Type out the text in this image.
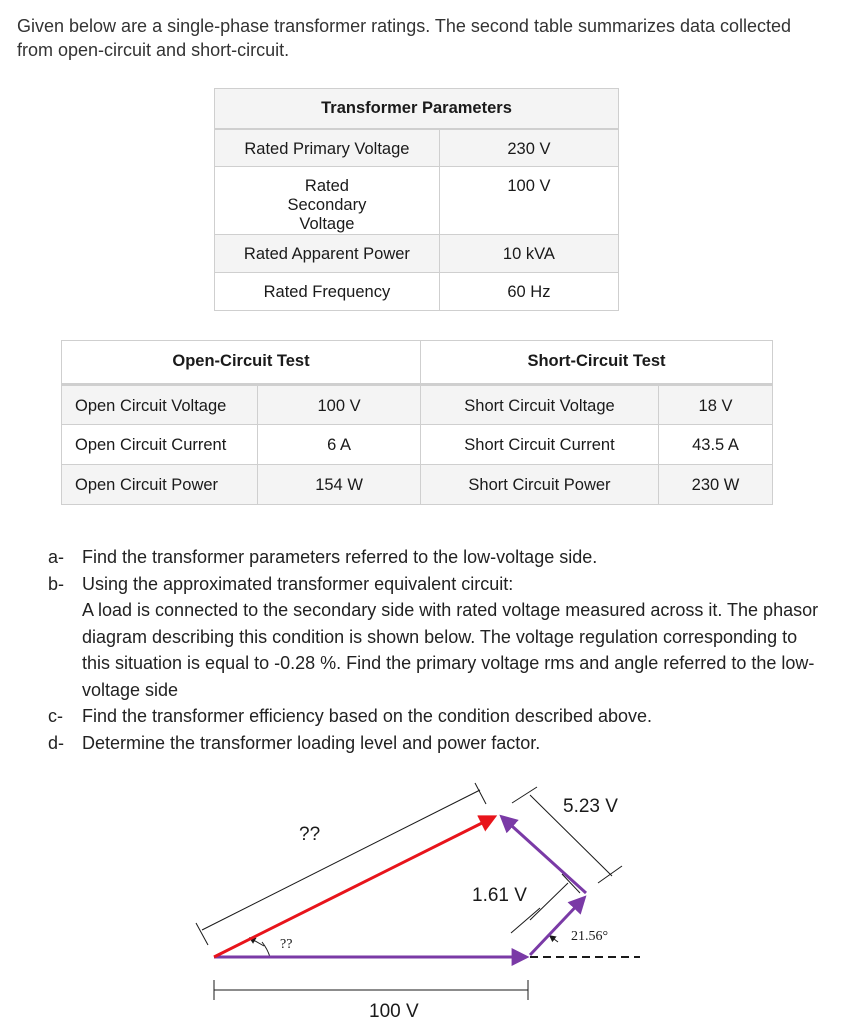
Given below are a single-phase transformer ratings. The second table summarizes data collected from open-circuit and short-circuit.

Transformer Parameters	
Rated Primary Voltage	230 V
Rated Secondary Voltage	100 V
Rated Apparent Power	10 kVA
Rated Frequency	60 Hz
Open-Circuit Test		Short-Circuit Test	
Open Circuit Voltage	100 V	Short Circuit Voltage	18 V
Open Circuit Current	6 A	Short Circuit Current	43.5 A
Open Circuit Power	154 W	Short Circuit Power	230 W
a- Find the transformer parameters referred to the low-voltage side.
b- Using the approximated transformer equivalent circuit:
A load is connected to the secondary side with rated voltage measured across it. The phasor diagram describing this condition is shown below. The voltage regulation corresponding to this situation is equal to -0.28 %. Find the primary voltage rms and angle referred to the low-voltage side
c-	Find the transformer efficiency based on the condition described above.
d- Determine the transformer loading level and power factor.
??
??
100 V
5.23 V
1.61 V
21.56°
